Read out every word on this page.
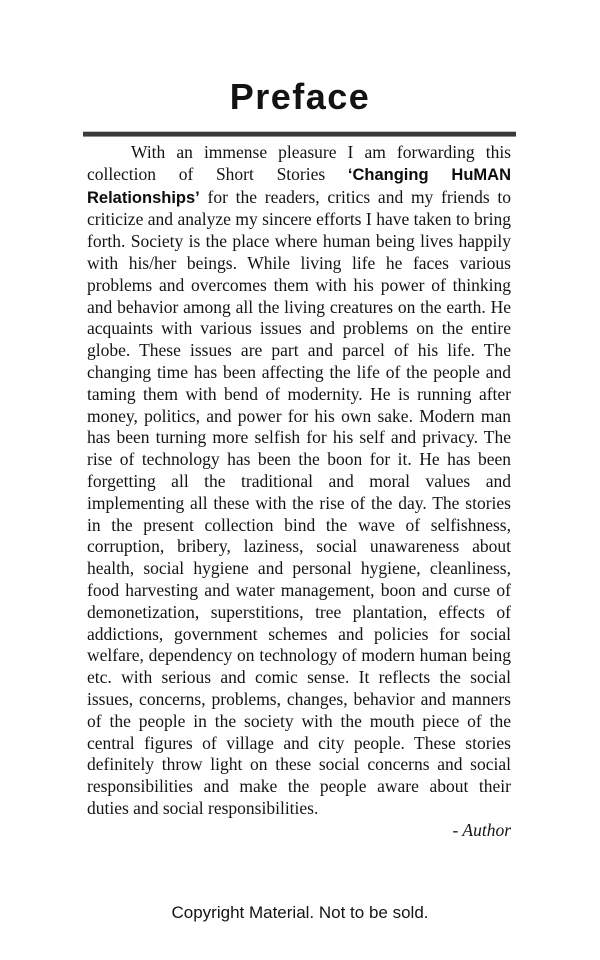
Preface

With an immense pleasure I am forwarding this collection of Short Stories ‘Changing HuMAN Relationships’ for the readers, critics and my friends to criticize and analyze my sincere efforts I have taken to bring forth. Society is the place where human being lives happily with his/her beings. While living life he faces various problems and overcomes them with his power of thinking and behavior among all the living creatures on the earth. He acquaints with various issues and problems on the entire globe. These issues are part and parcel of his life. The changing time has been affecting the life of the people and taming them with bend of modernity. He is running after money, politics, and power for his own sake. Modern man has been turning more selfish for his self and privacy. The rise of technology has been the boon for it. He has been forgetting all the traditional and moral values and implementing all these with the rise of the day. The stories in the present collection bind the wave of selfishness, corruption, bribery, laziness, social unawareness about health, social hygiene and personal hygiene, cleanliness, food harvesting and water management, boon and curse of demonetization, superstitions, tree plantation, effects of addictions, government schemes and policies for social welfare, dependency on technology of modern human being etc. with serious and comic sense. It reflects the social issues, concerns, problems, changes, behavior and manners of the people in the society with the mouth piece of the central figures of village and city people. These stories definitely throw light on these social concerns and social responsibilities and make the people aware about their duties and social responsibilities.

- Author
Copyright Material. Not to be sold.
